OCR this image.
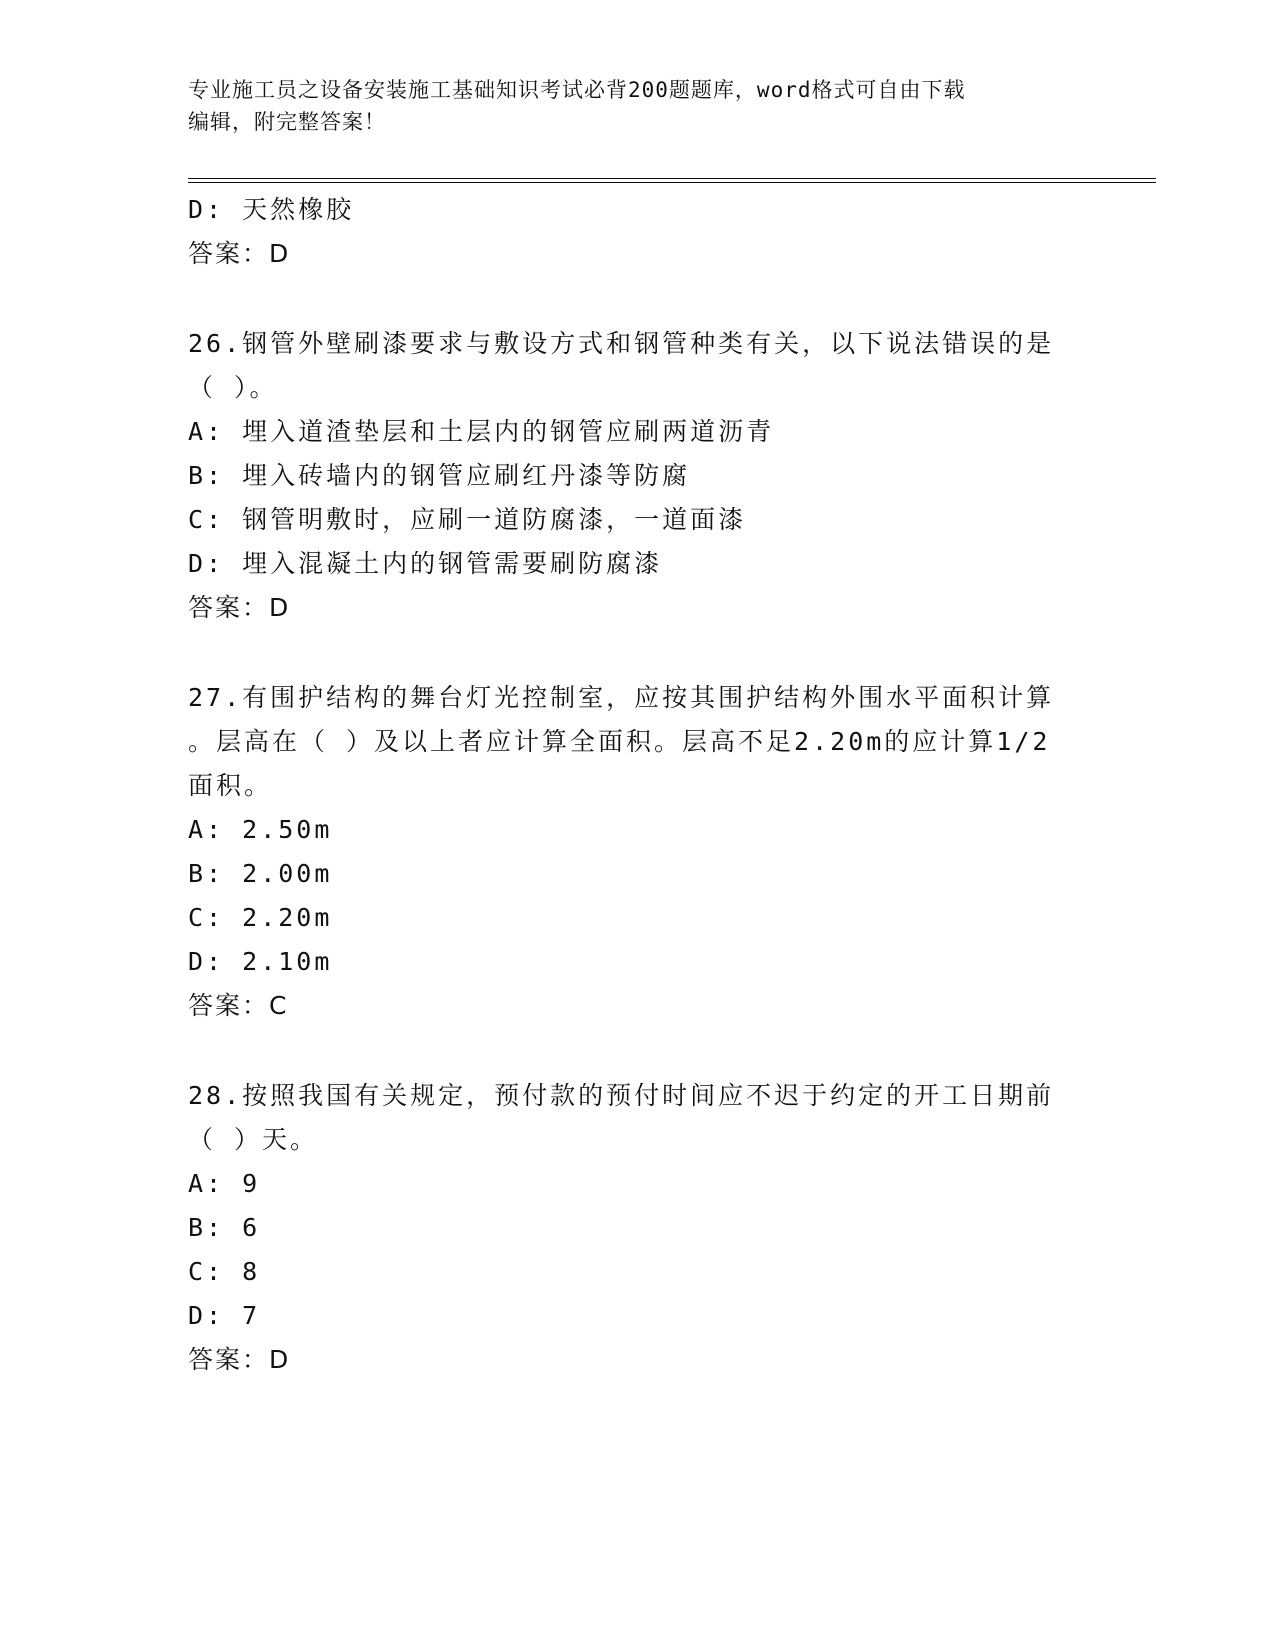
专业施工员之设备安装施工基础知识考试必背200题题库，word格式可自由下载
编辑，附完整答案！
D: 天然橡胶
答案：D
26.钢管外壁刷漆要求与敷设方式和钢管种类有关，以下说法错误的是
（ ）。
A: 埋入道渣垫层和土层内的钢管应刷两道沥青
B: 埋入砖墙内的钢管应刷红丹漆等防腐
C: 钢管明敷时，应刷一道防腐漆，一道面漆
D: 埋入混凝土内的钢管需要刷防腐漆
答案：D
27.有围护结构的舞台灯光控制室，应按其围护结构外围水平面积计算
。层高在（ ）及以上者应计算全面积。层高不足2.20m的应计算1/2
面积。
A: 2.50m
B: 2.00m
C: 2.20m
D: 2.10m
答案：C
28.按照我国有关规定，预付款的预付时间应不迟于约定的开工日期前
（ ）天。
A: 9
B: 6
C: 8
D: 7
答案：D
